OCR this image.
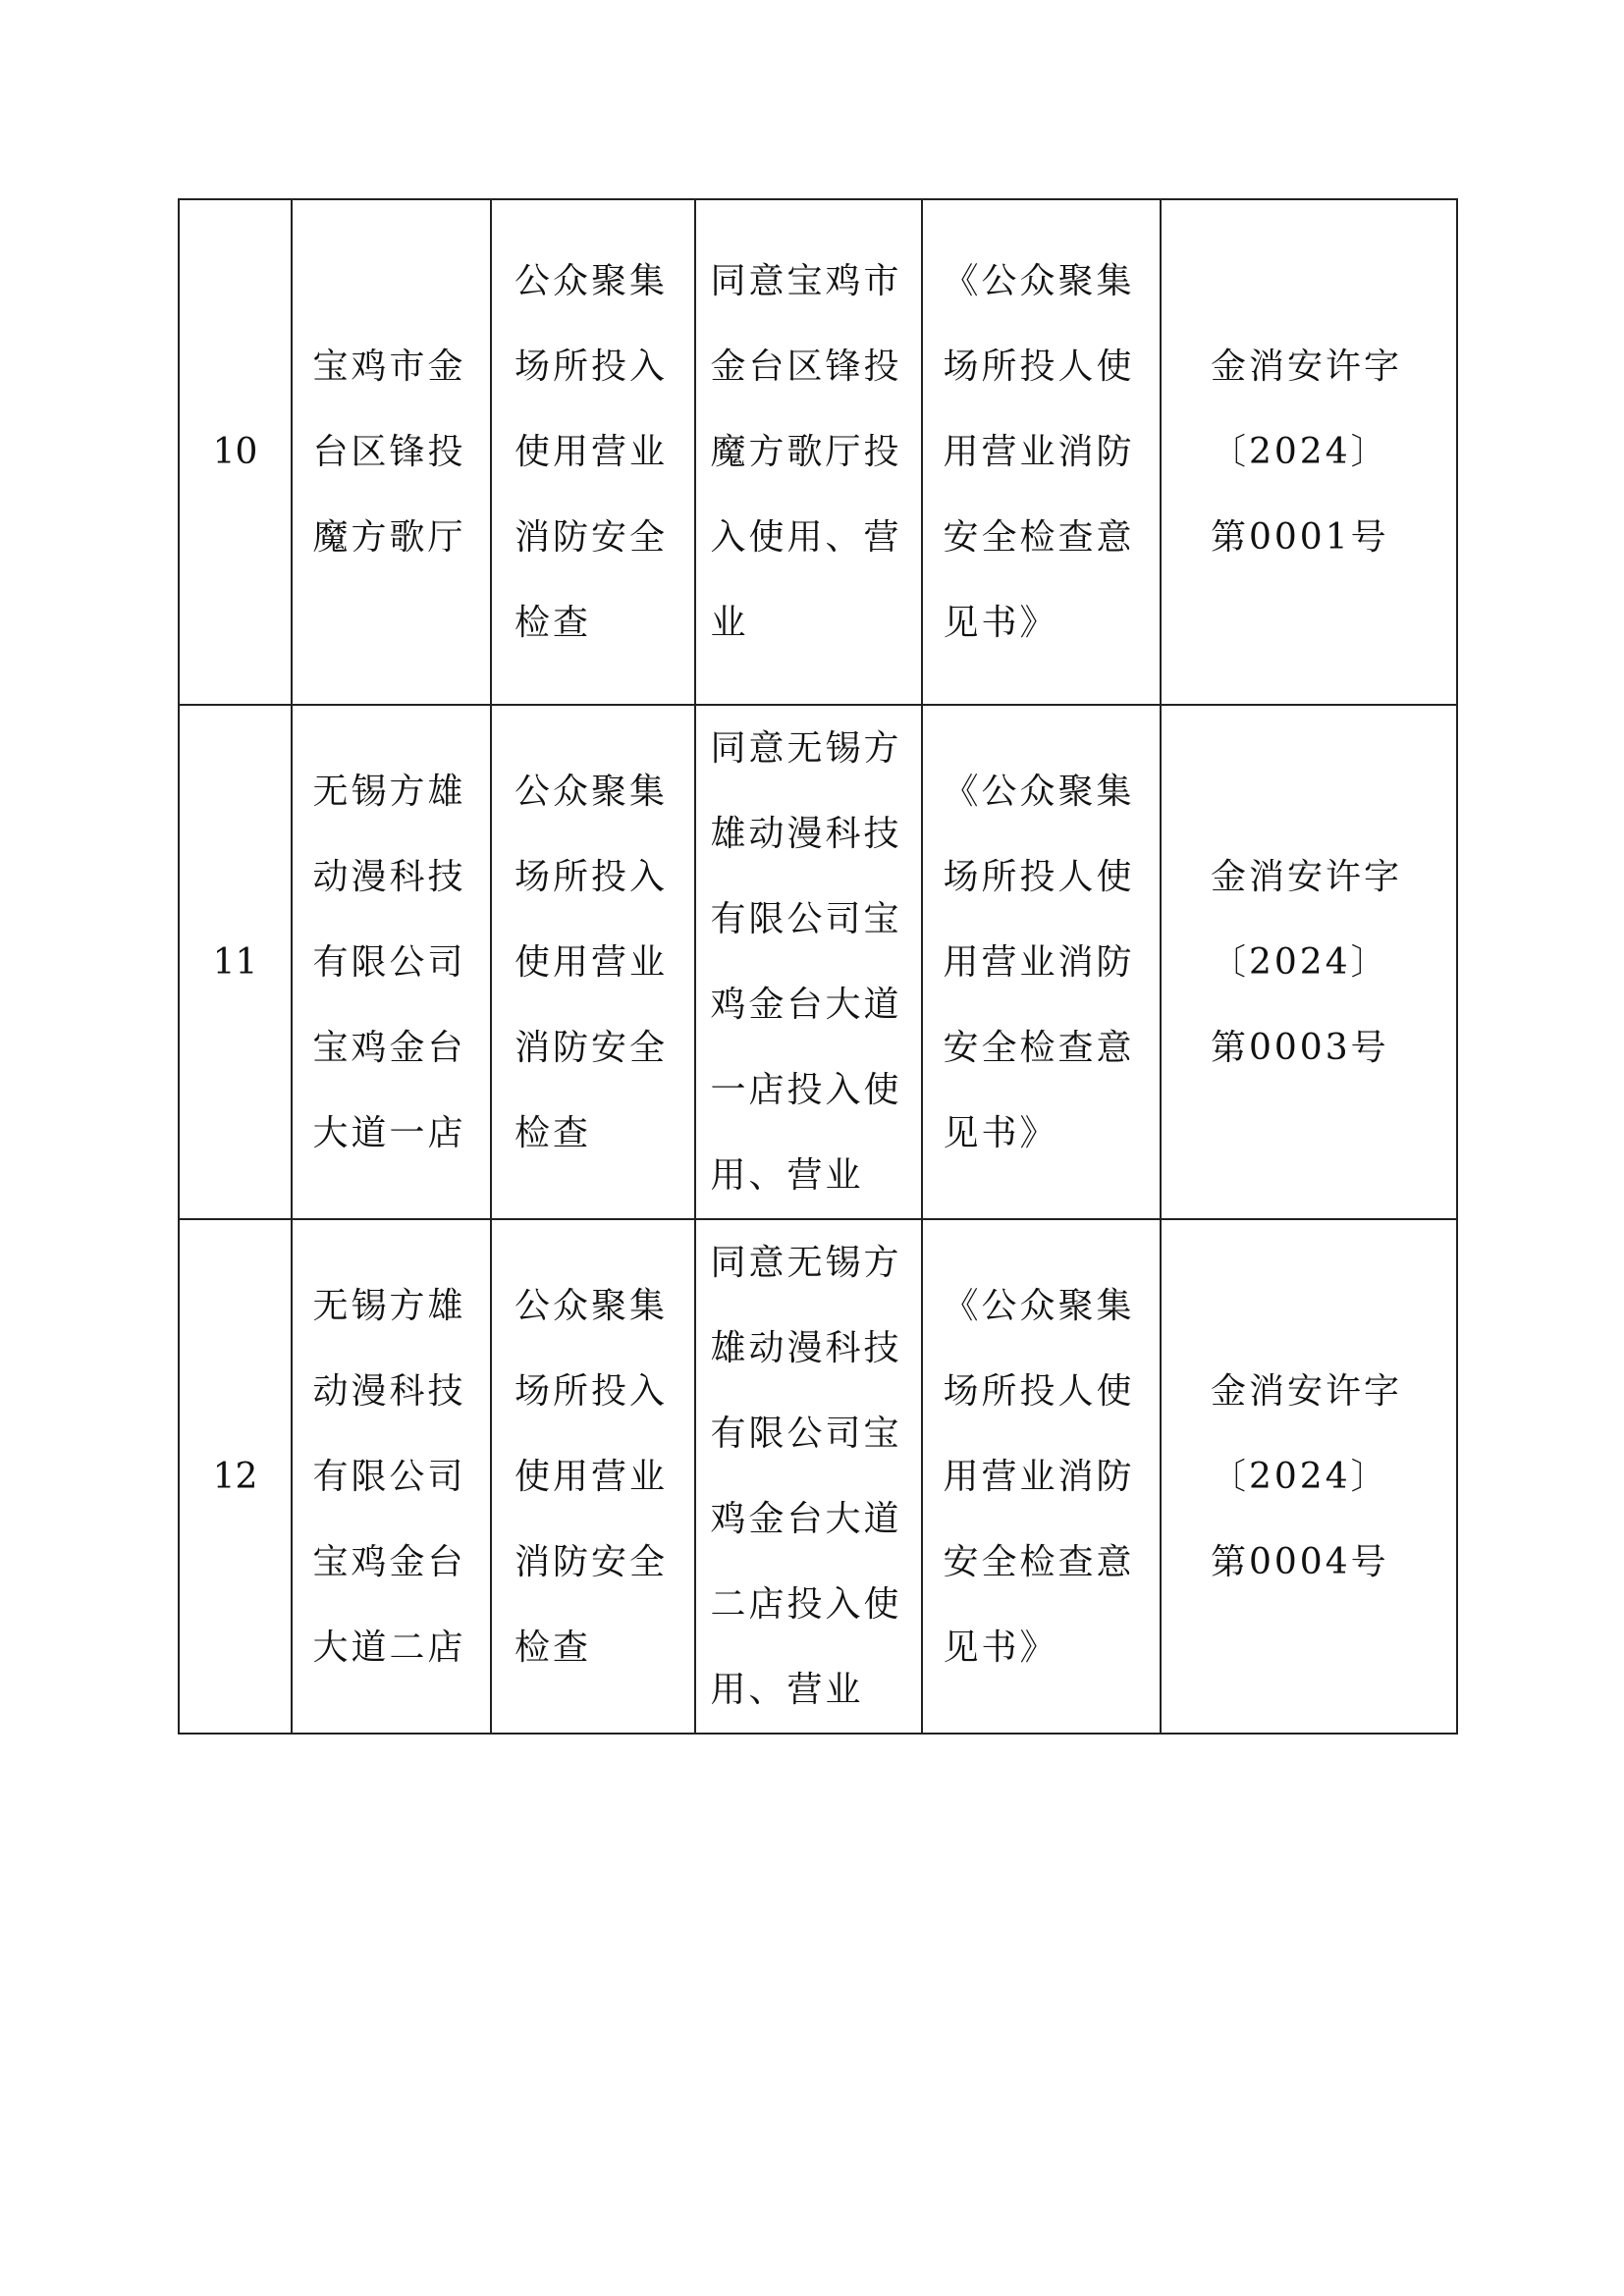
10	宝鸡市金台区锋投魔方歌厅	公众聚集场所投入使用营业消防安全检查	同意宝鸡市金台区锋投魔方歌厅投入使用、营业	《公众聚集场所投人使用营业消防安全检查意见书》	金消安许字〔2024〕第0001号

11	无锡方雄动漫科技有限公司宝鸡金台大道一店	公众聚集场所投入使用营业消防安全检查	同意无锡方雄动漫科技有限公司宝鸡金台大道一店投入使用、营业	《公众聚集场所投人使用营业消防安全检查意见书》	金消安许字〔2024〕第0003号

12	无锡方雄动漫科技有限公司宝鸡金台大道二店	公众聚集场所投入使用营业消防安全检查	同意无锡方雄动漫科技有限公司宝鸡金台大道二店投入使用、营业	《公众聚集场所投人使用营业消防安全检查意见书》	金消安许字〔2024〕第0004号
